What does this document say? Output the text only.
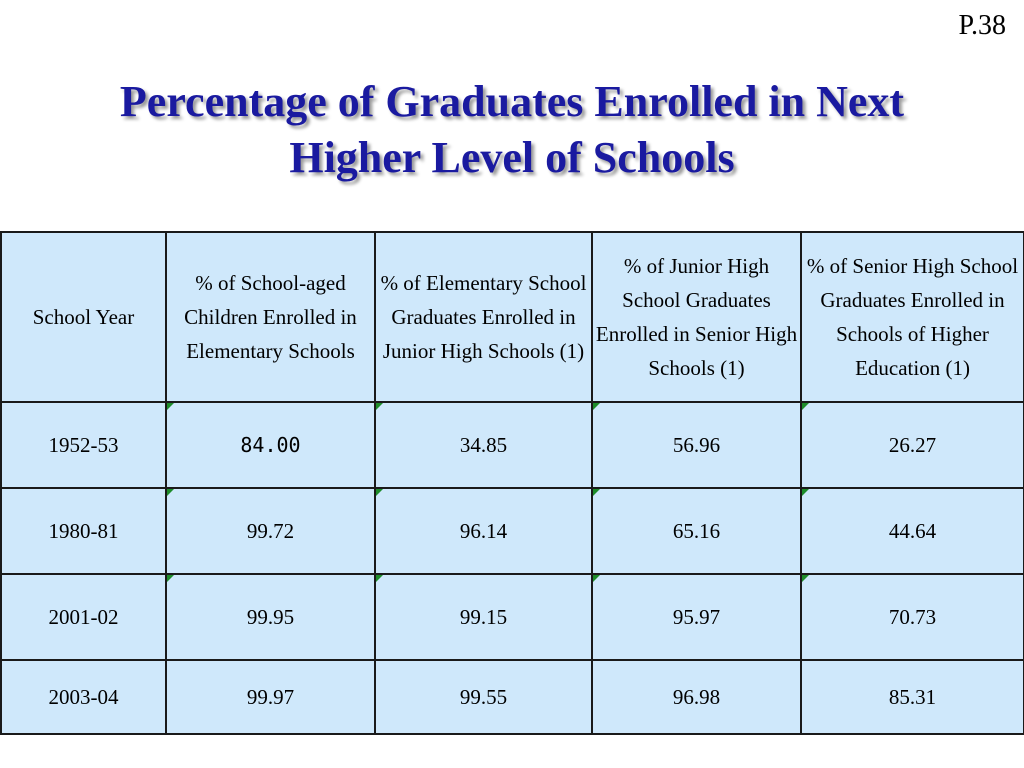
P.38
Percentage of Graduates Enrolled in Next
Higher Level of Schools
School Year	% of School-aged Children Enrolled in Elementary Schools	% of Elementary School Graduates Enrolled in Junior High Schools (1)	% of Junior High School Graduates Enrolled in Senior High Schools (1)	% of Senior High School Graduates Enrolled in Schools of Higher Education (1)
1952-53	84.00	34.85	56.96	26.27
1980-81	99.72	96.14	65.16	44.64
2001-02	99.95	99.15	95.97	70.73
2003-04	99.97	99.55	96.98	85.31
